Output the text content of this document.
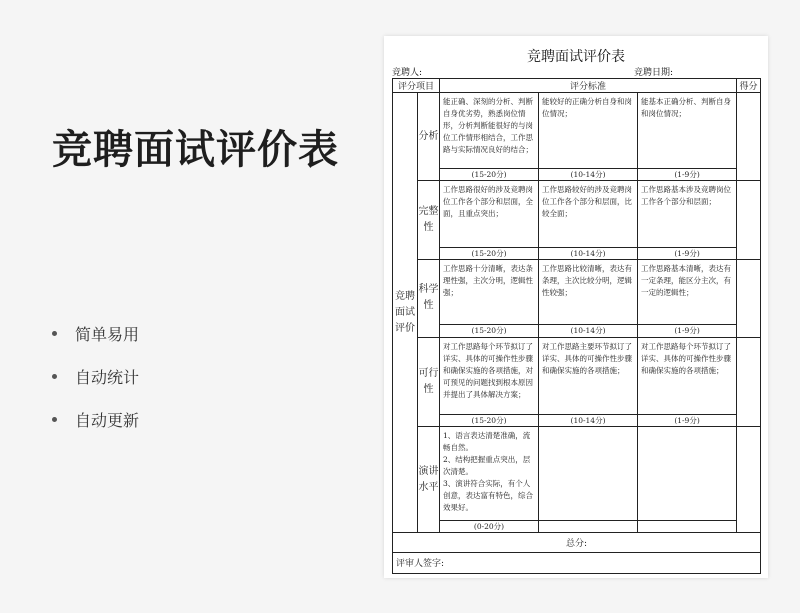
竞聘面试评价表
简单易用
自动统计
自动更新
竞聘面试评价表
竞聘人:	竞聘日期:
评分项目		评分标准			得分
竞聘面试评价	分析	能正确、深刻的分析、判断自身优劣势，熟悉岗位情形，分析判断能很好的与岗位工作情形相结合，工作思路与实际情况良好的结合；	能较好的正确分析自身和岗位情况；	能基本正确分析、判断自身和岗位情况；	
		(15-20分)	(10-14分)	(1-9分)	
	完整性	工作思路很好的涉及竞聘岗位工作各个部分和层面，全面，且重点突出；	工作思路较好的涉及竞聘岗位工作各个部分和层面，比较全面；	工作思路基本涉及竞聘岗位工作各个部分和层面；	
		(15-20分)	(10-14分)	(1-9分)	
	科学性	工作思路十分清晰，表达条理性强，主次分明，逻辑性强；	工作思路比较清晰，表达有条理，主次比较分明，逻辑性较强；	工作思路基本清晰，表达有一定条理，能区分主次，有一定的逻辑性；	
		(15-20分)	(10-14分)	(1-9分)	
	可行性	对工作思路每个环节拟订了详实、具体的可操作性步骤和确保实施的各项措施，对可预见的问题找到根本原因并提出了具体解决方案；	对工作思路主要环节拟订了详实、具体的可操作性步骤和确保实施的各项措施；	对工作思路每个环节拟订了详实、具体的可操作性步骤和确保实施的各项措施；	
		(15-20分)	(10-14分)	(1-9分)	
	演讲水平	1、语言表达清楚准确，流畅自然。
2、结构把握重点突出，层次清楚。
3、演讲符合实际，有个人创意，表达富有特色，综合效果好。			
		(0-20分)			
总分:					
评审人签字:					
